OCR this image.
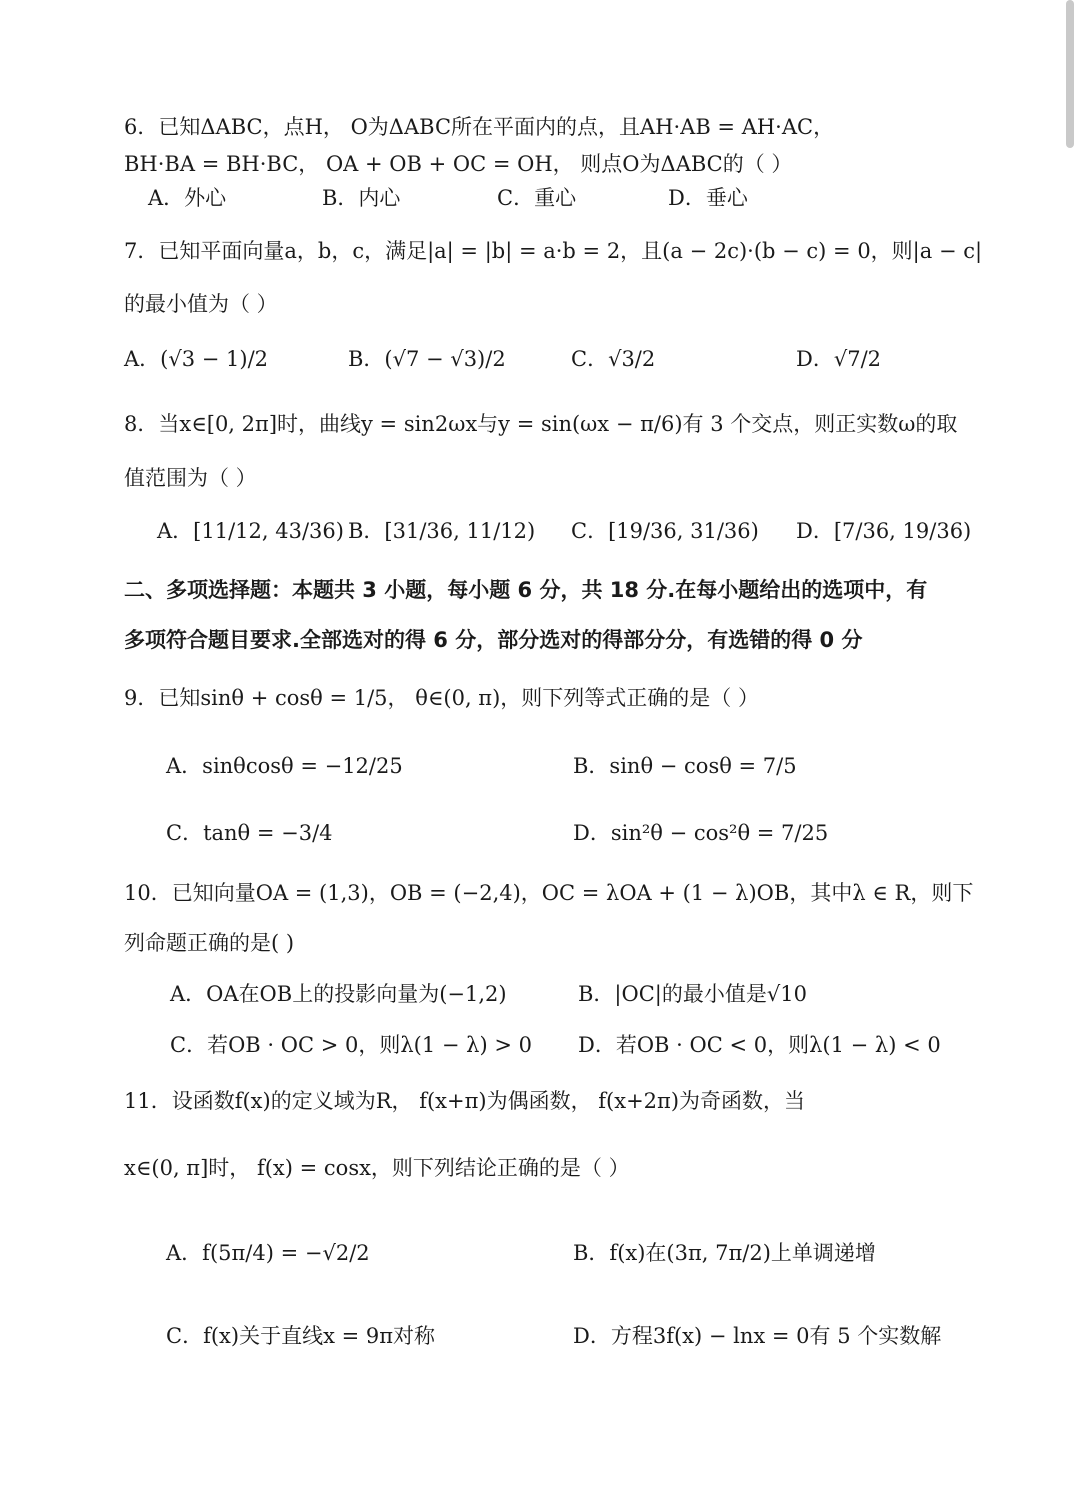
6．已知ΔABC，点H， O为ΔABC所在平面内的点，且AH·AB = AH·AC，
BH·BA = BH·BC， OA + OB + OC = OH， 则点O为ΔABC的（ ）
A．外心	B．内心	C．重心	D．垂心
7．已知平面向量a，b，c，满足|a| = |b| = a·b = 2，且(a − 2c)·(b − c) = 0，则|a − c|
的最小值为（ ）
A．(√3 − 1)/2	B．(√7 − √3)/2	C．√3/2	D．√7/2
8．当x∈[0, 2π]时，曲线y = sin2ωx与y = sin(ωx − π/6)有 3 个交点，则正实数ω的取
值范围为（ ）
A．[11/12, 43/36) B．[31/36, 11/12) C．[19/36, 31/36) D．[7/36, 19/36)
二、多项选择题：本题共 3 小题，每小题 6 分，共 18 分.在每小题给出的选项中，有
多项符合题目要求.全部选对的得 6 分，部分选对的得部分分，有选错的得 0 分
9．已知sinθ + cosθ = 1/5， θ∈(0, π)，则下列等式正确的是（ ）
A．sinθcosθ = −12/25	B．sinθ − cosθ = 7/5
C．tanθ = −3/4	D．sin²θ − cos²θ = 7/25
10．已知向量OA = (1,3)，OB = (−2,4)，OC = λOA + (1 − λ)OB，其中λ ∈ R，则下
列命题正确的是( )
A．OA在OB上的投影向量为(−1,2)	B．|OC|的最小值是√10
C．若OB · OC > 0，则λ(1 − λ) > 0 D．若OB · OC < 0，则λ(1 − λ) < 0
11．设函数f(x)的定义域为R， f(x+π)为偶函数， f(x+2π)为奇函数，当
x∈(0, π]时， f(x) = cosx，则下列结论正确的是（ ）
A．f(5π/4) = −√2/2	B．f(x)在(3π, 7π/2)上单调递增
C．f(x)关于直线x = 9π对称	D．方程3f(x) − lnx = 0有 5 个实数解
